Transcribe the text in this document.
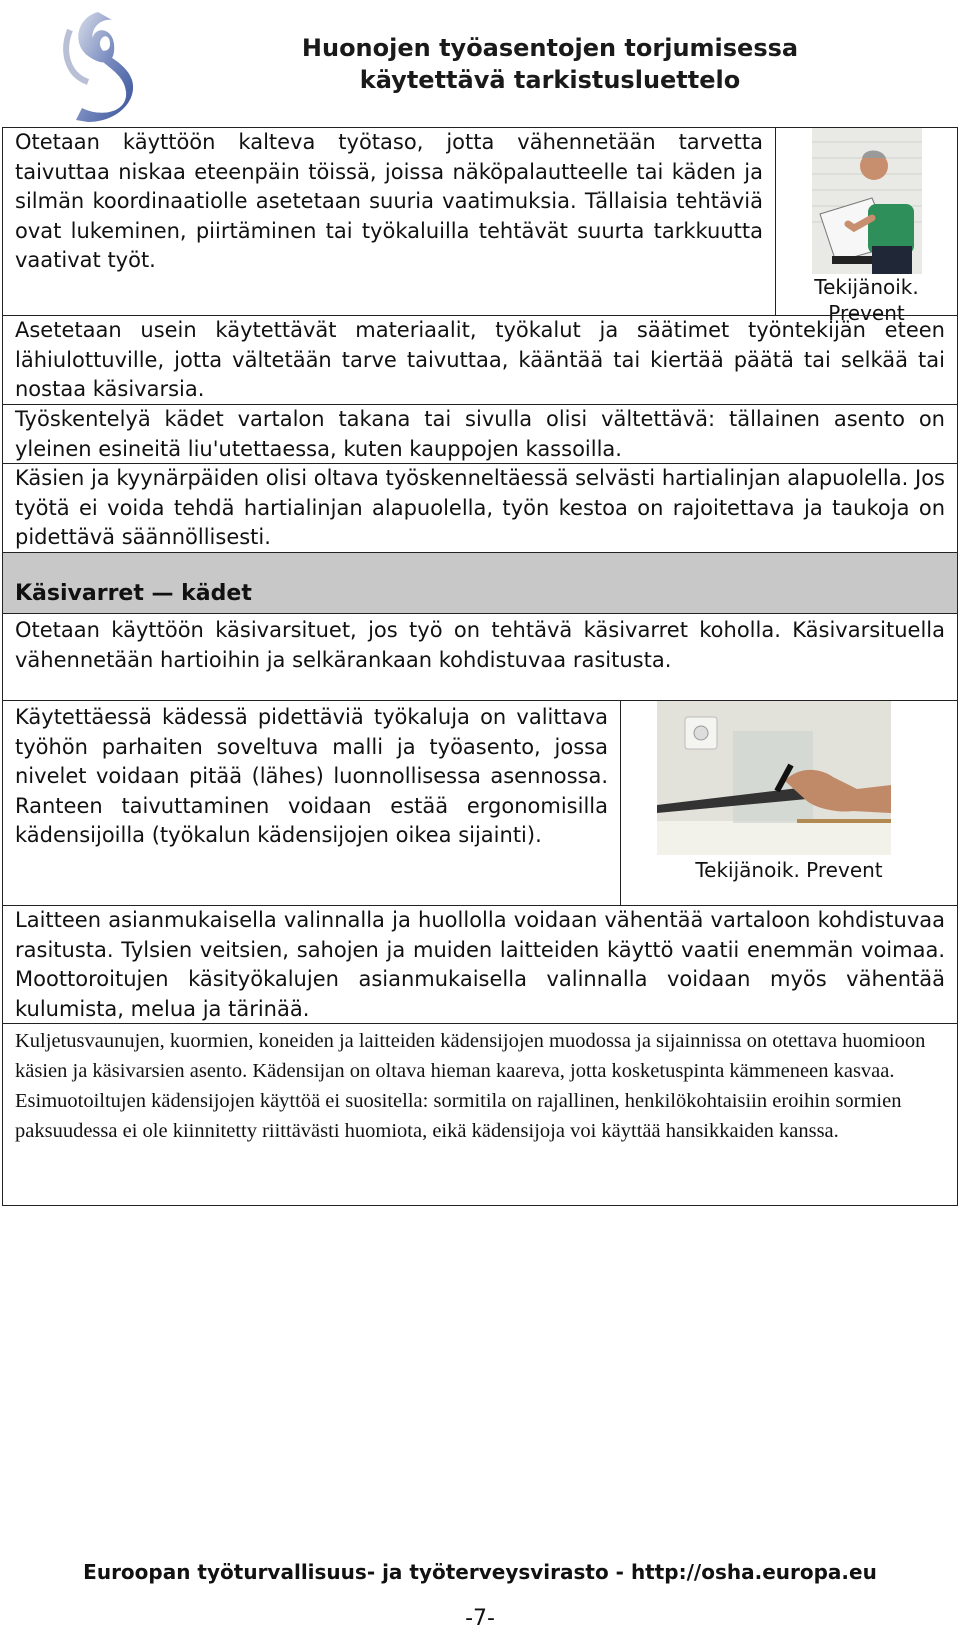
Huonojen työasentojen torjumisessa
käytettävä tarkistusluettelo

Otetaan käyttöön kalteva työtaso, jotta vähennetään tarvetta taivuttaa niskaa eteenpäin töissä, joissa näköpalautteelle tai käden ja silmän koordinaatiolle asetetaan suuria vaatimuksia. Tällaisia tehtäviä ovat lukeminen, piirtäminen tai työkaluilla tehtävät suurta tarkkuutta vaativat työt.

Tekijänoik. Prevent

Asetetaan usein käytettävät materiaalit, työkalut ja säätimet työntekijän eteen lähiulottuville, jotta vältetään tarve taivuttaa, kääntää tai kiertää päätä tai selkää tai nostaa käsivarsia.

Työskentelyä kädet vartalon takana tai sivulla olisi vältettävä: tällainen asento on yleinen esineitä liu'utettaessa, kuten kauppojen kassoilla.

Käsien ja kyynärpäiden olisi oltava työskenneltäessä selvästi hartialinjan alapuolella. Jos työtä ei voida tehdä hartialinjan alapuolella, työn kestoa on rajoitettava ja taukoja on pidettävä säännöllisesti.

Käsivarret — kädet

Otetaan käyttöön käsivarsituet, jos työ on tehtävä käsivarret koholla. Käsivarsituella vähennetään hartioihin ja selkärankaan kohdistuvaa rasitusta.

Käytettäessä kädessä pidettäviä työkaluja on valittava työhön parhaiten soveltuva malli ja työasento, jossa nivelet voidaan pitää (lähes) luonnollisessa asennossa. Ranteen taivuttaminen voidaan estää ergonomisilla kädensijoilla (työkalun kädensijojen oikea sijainti).

Tekijänoik. Prevent

Laitteen asianmukaisella valinnalla ja huollolla voidaan vähentää vartaloon kohdistuvaa rasitusta. Tylsien veitsien, sahojen ja muiden laitteiden käyttö vaatii enemmän voimaa. Moottoroitujen käsityökalujen asianmukaisella valinnalla voidaan myös vähentää kulumista, melua ja tärinää.

Kuljetusvaunujen, kuormien, koneiden ja laitteiden kädensijojen muodossa ja sijainnissa on otettava huomioon käsien ja käsivarsien asento. Kädensijan on oltava hieman kaareva, jotta kosketuspinta kämmeneen kasvaa. Esimuotoiltujen kädensijojen käyttöä ei suositella: sormitila on rajallinen, henkilökohtaisiin eroihin sormien paksuudessa ei ole kiinnitetty riittävästi huomiota, eikä kädensijoja voi käyttää hansikkaiden kanssa.

Euroopan työturvallisuus- ja työterveysvirasto - http://osha.europa.eu
-7-
